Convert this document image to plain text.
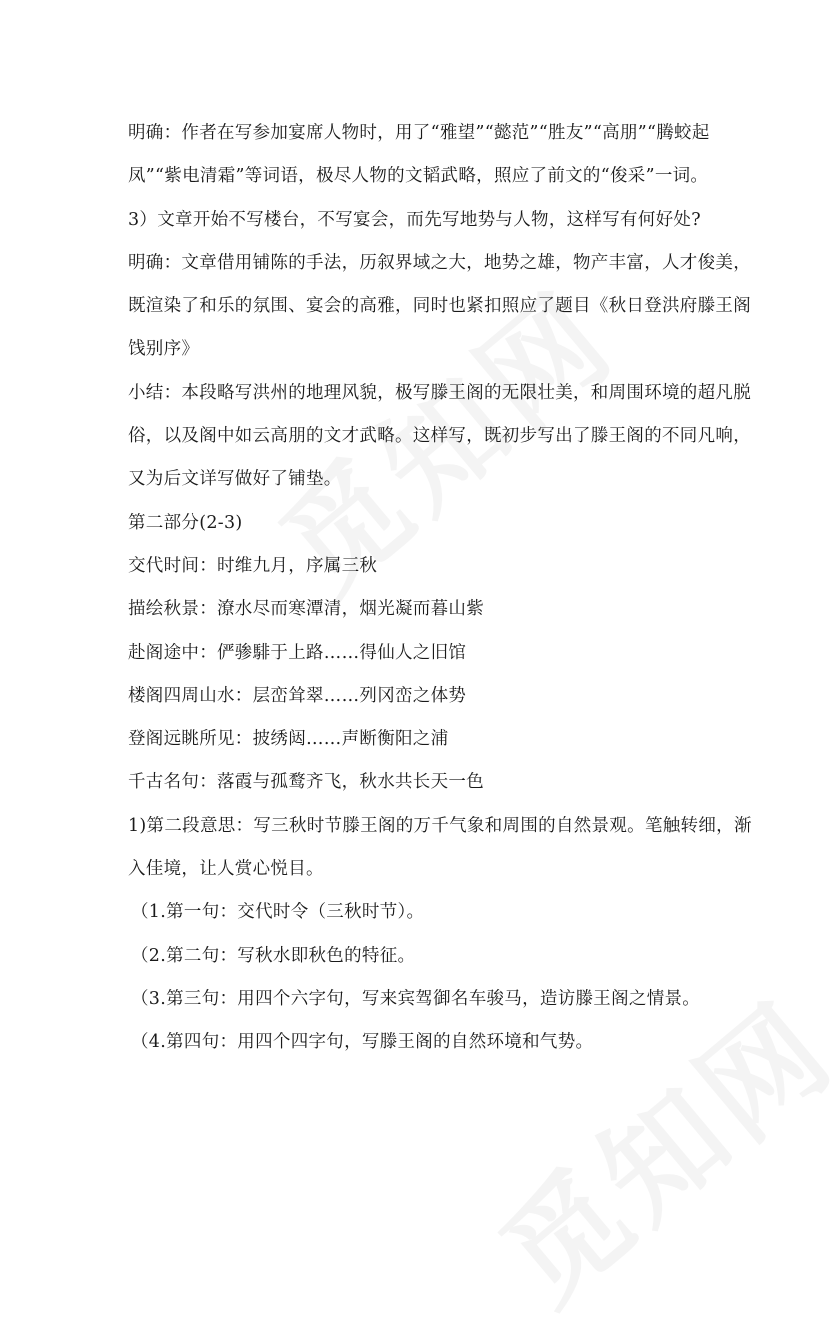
明确：作者在写参加宴席人物时，用了“雅望”“懿范”“胜友”“高朋”“腾蛟起
凤”“紫电清霜”等词语，极尽人物的文韬武略，照应了前文的“俊采”一词。
3）文章开始不写楼台，不写宴会，而先写地势与人物，这样写有何好处?
明确：文章借用铺陈的手法，历叙界域之大，地势之雄，物产丰富，人才俊美，
既渲染了和乐的氛围、宴会的高雅，同时也紧扣照应了题目《秋日登洪府滕王阁
饯别序》
小结：本段略写洪州的地理风貌，极写滕王阁的无限壮美，和周围环境的超凡脱
俗，以及阁中如云高朋的文才武略。这样写，既初步写出了滕王阁的不同凡响，
又为后文详写做好了铺垫。
第二部分(2-3)
交代时间：时维九月，序属三秋
描绘秋景：潦水尽而寒潭清，烟光凝而暮山紫
赴阁途中：俨骖騑于上路……得仙人之旧馆
楼阁四周山水：层峦耸翠……列冈峦之体势
登阁远眺所见：披绣闼……声断衡阳之浦
千古名句：落霞与孤鹜齐飞，秋水共长天一色
1)第二段意思：写三秋时节滕王阁的万千气象和周围的自然景观。笔触转细，渐
入佳境，让人赏心悦目。
（1.第一句：交代时令（三秋时节）。
（2.第二句：写秋水即秋色的特征。
（3.第三句：用四个六字句，写来宾驾御名车骏马，造访滕王阁之情景。
（4.第四句：用四个四字句，写滕王阁的自然环境和气势。
